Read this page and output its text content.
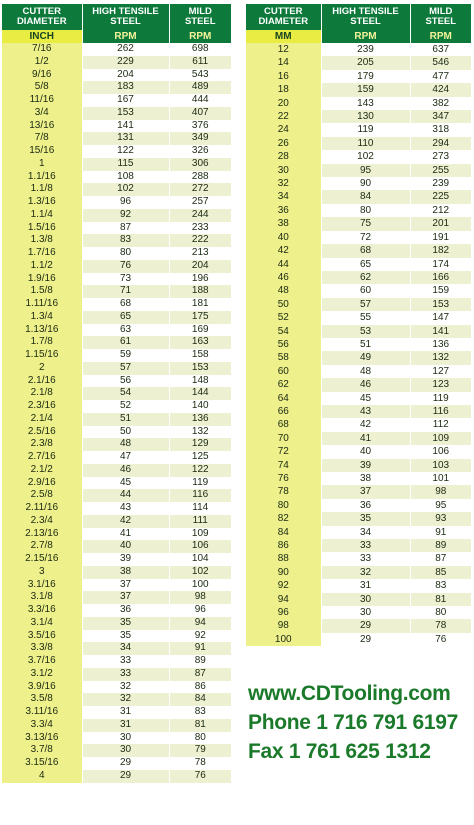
CUTTER
DIAMETER	HIGH TENSILE
STEEL	MILD
STEEL
INCH	RPM	RPM
7/16	262	698
1/2	229	611
9/16	204	543
5/8	183	489
11/16	167	444
3/4	153	407
13/16	141	376
7/8	131	349
15/16	122	326
1	115	306
1.1/16	108	288
1.1/8	102	272
1.3/16	96	257
1.1/4	92	244
1.5/16	87	233
1.3/8	83	222
1.7/16	80	213
1.1/2	76	204
1.9/16	73	196
1.5/8	71	188
1.11/16	68	181
1.3/4	65	175
1.13/16	63	169
1.7/8	61	163
1.15/16	59	158
2	57	153
2.1/16	56	148
2.1/8	54	144
2.3/16	52	140
2.1/4	51	136
2.5/16	50	132
2.3/8	48	129
2.7/16	47	125
2.1/2	46	122
2.9/16	45	119
2.5/8	44	116
2.11/16	43	114
2.3/4	42	111
2.13/16	41	109
2.7/8	40	106
2.15/16	39	104
3	38	102
3.1/16	37	100
3.1/8	37	98
3.3/16	36	96
3.1/4	35	94
3.5/16	35	92
3.3/8	34	91
3.7/16	33	89
3.1/2	33	87
3.9/16	32	86
3.5/8	32	84
3.11/16	31	83
3.3/4	31	81
3.13/16	30	80
3.7/8	30	79
3.15/16	29	78
4	29	76
CUTTER
DIAMETER	HIGH TENSILE
STEEL	MILD
STEEL
MM	RPM	RPM
12	239	637
14	205	546
16	179	477
18	159	424
20	143	382
22	130	347
24	119	318
26	110	294
28	102	273
30	95	255
32	90	239
34	84	225
36	80	212
38	75	201
40	72	191
42	68	182
44	65	174
46	62	166
48	60	159
50	57	153
52	55	147
54	53	141
56	51	136
58	49	132
60	48	127
62	46	123
64	45	119
66	43	116
68	42	112
70	41	109
72	40	106
74	39	103
76	38	101
78	37	98
80	36	95
82	35	93
84	34	91
86	33	89
88	33	87
90	32	85
92	31	83
94	30	81
96	30	80
98	29	78
100	29	76
www.CDTooling.com
Phone 1 716 791 6197
Fax 1 761 625 1312
